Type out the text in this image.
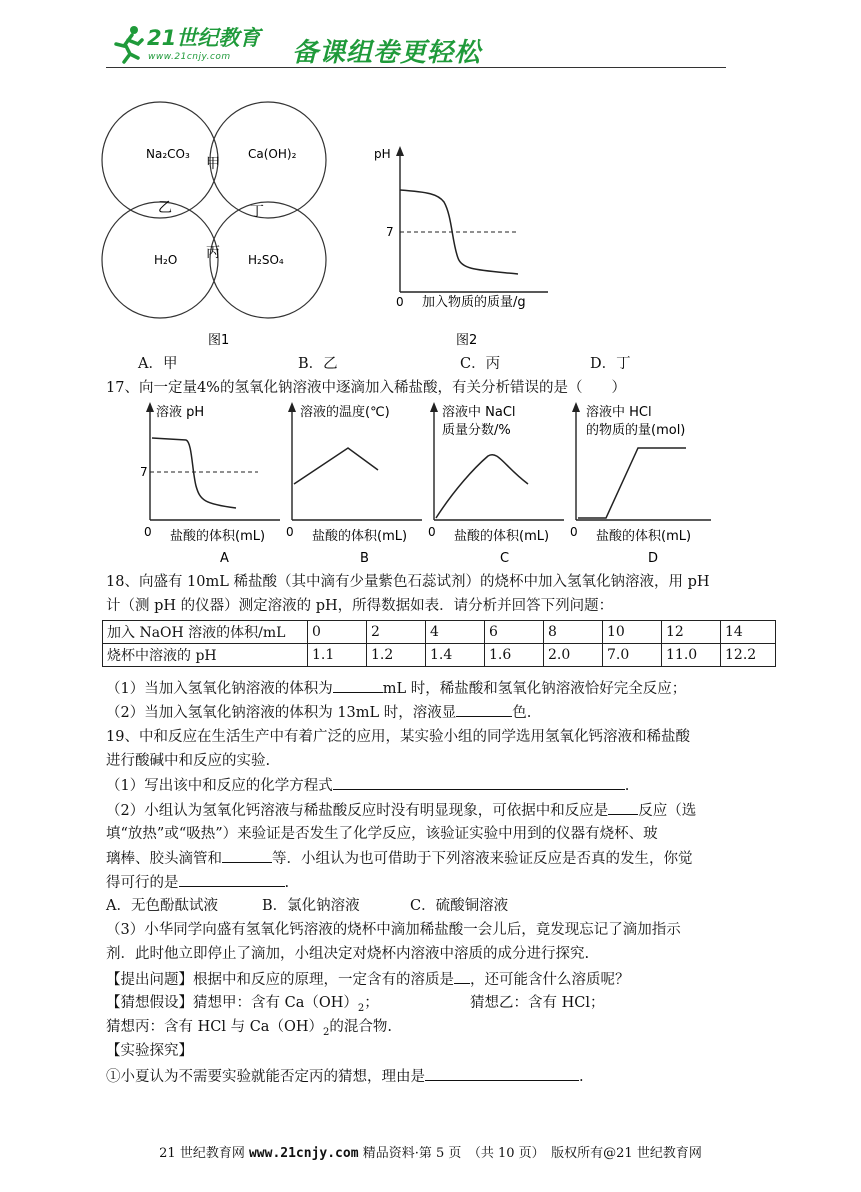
21世纪教育
www.21cnjy.com 备课组卷更轻松
Na₂CO₃	Ca(OH)₂
H₂O	H₂SO₄
甲
乙
丙
丁
图1
pH
7
0 加入物质的质量/g
图2
A．甲	B．乙	C．丙	D．丁
17、向一定量4%的氢氧化钠溶液中逐滴加入稀盐酸，有关分析错误的是（　　）
溶液 pH
7
0 盐酸的体积(mL)
A
溶液的温度(℃)
0 盐酸的体积(mL)
B
溶液中 NaCl
质量分数/%
0 盐酸的体积(mL)
C
溶液中 HCl
的物质的量(mol)
0 盐酸的体积(mL)
D
18、向盛有 10mL 稀盐酸（其中滴有少量紫色石蕊试剂）的烧杯中加入氢氧化钠溶液，用 pH
计（测 pH 的仪器）测定溶液的 pH，所得数据如表．请分析并回答下列问题：
加入 NaOH 溶液的体积/mL	0	2	4	6	8	10	12	14
烧杯中溶液的 pH	1.1	1.2	1.4	1.6	2.0	7.0	11.0	12.2
（1）当加入氢氧化钠溶液的体积为	mL 时，稀盐酸和氢氧化钠溶液恰好完全反应；
（2）当加入氢氧化钠溶液的体积为 13mL 时，溶液显	色.
19、中和反应在生活生产中有着广泛的应用，某实验小组的同学选用氢氧化钙溶液和稀盐酸
进行酸碱中和反应的实验.
（1）写出该中和反应的化学方程式	.
（2）小组认为氢氧化钙溶液与稀盐酸反应时没有明显现象，可依据中和反应是 反应（选
填“放热”或“吸热”）来验证是否发生了化学反应，该验证实验中用到的仪器有烧杯、玻
璃棒、胶头滴管和	等．小组认为也可借助于下列溶液来验证反应是否真的发生，你觉
得可行的是	.
A．无色酚酞试液	B．氯化钠溶液	C．硫酸铜溶液
（3）小华同学向盛有氢氧化钙溶液的烧杯中滴加稀盐酸一会儿后，竟发现忘记了滴加指示
剂．此时他立即停止了滴加，小组决定对烧杯内溶液中溶质的成分进行探究.
【提出问题】根据中和反应的原理，一定含有的溶质是 ，还可能含什么溶质呢？
【猜想假设】猜想甲：含有 $Ca(OH)_2$；	猜想乙：含有 HCl；
猜想丙：含有 HCl 与 $Ca(OH)_2$的混合物.
【实验探究】
①小夏认为不需要实验就能否定丙的猜想，理由是	.
21 世纪教育网 www.21cnjy.com 精品资料·第 5 页　（共 10 页）　版权所有@21 世纪教育网
